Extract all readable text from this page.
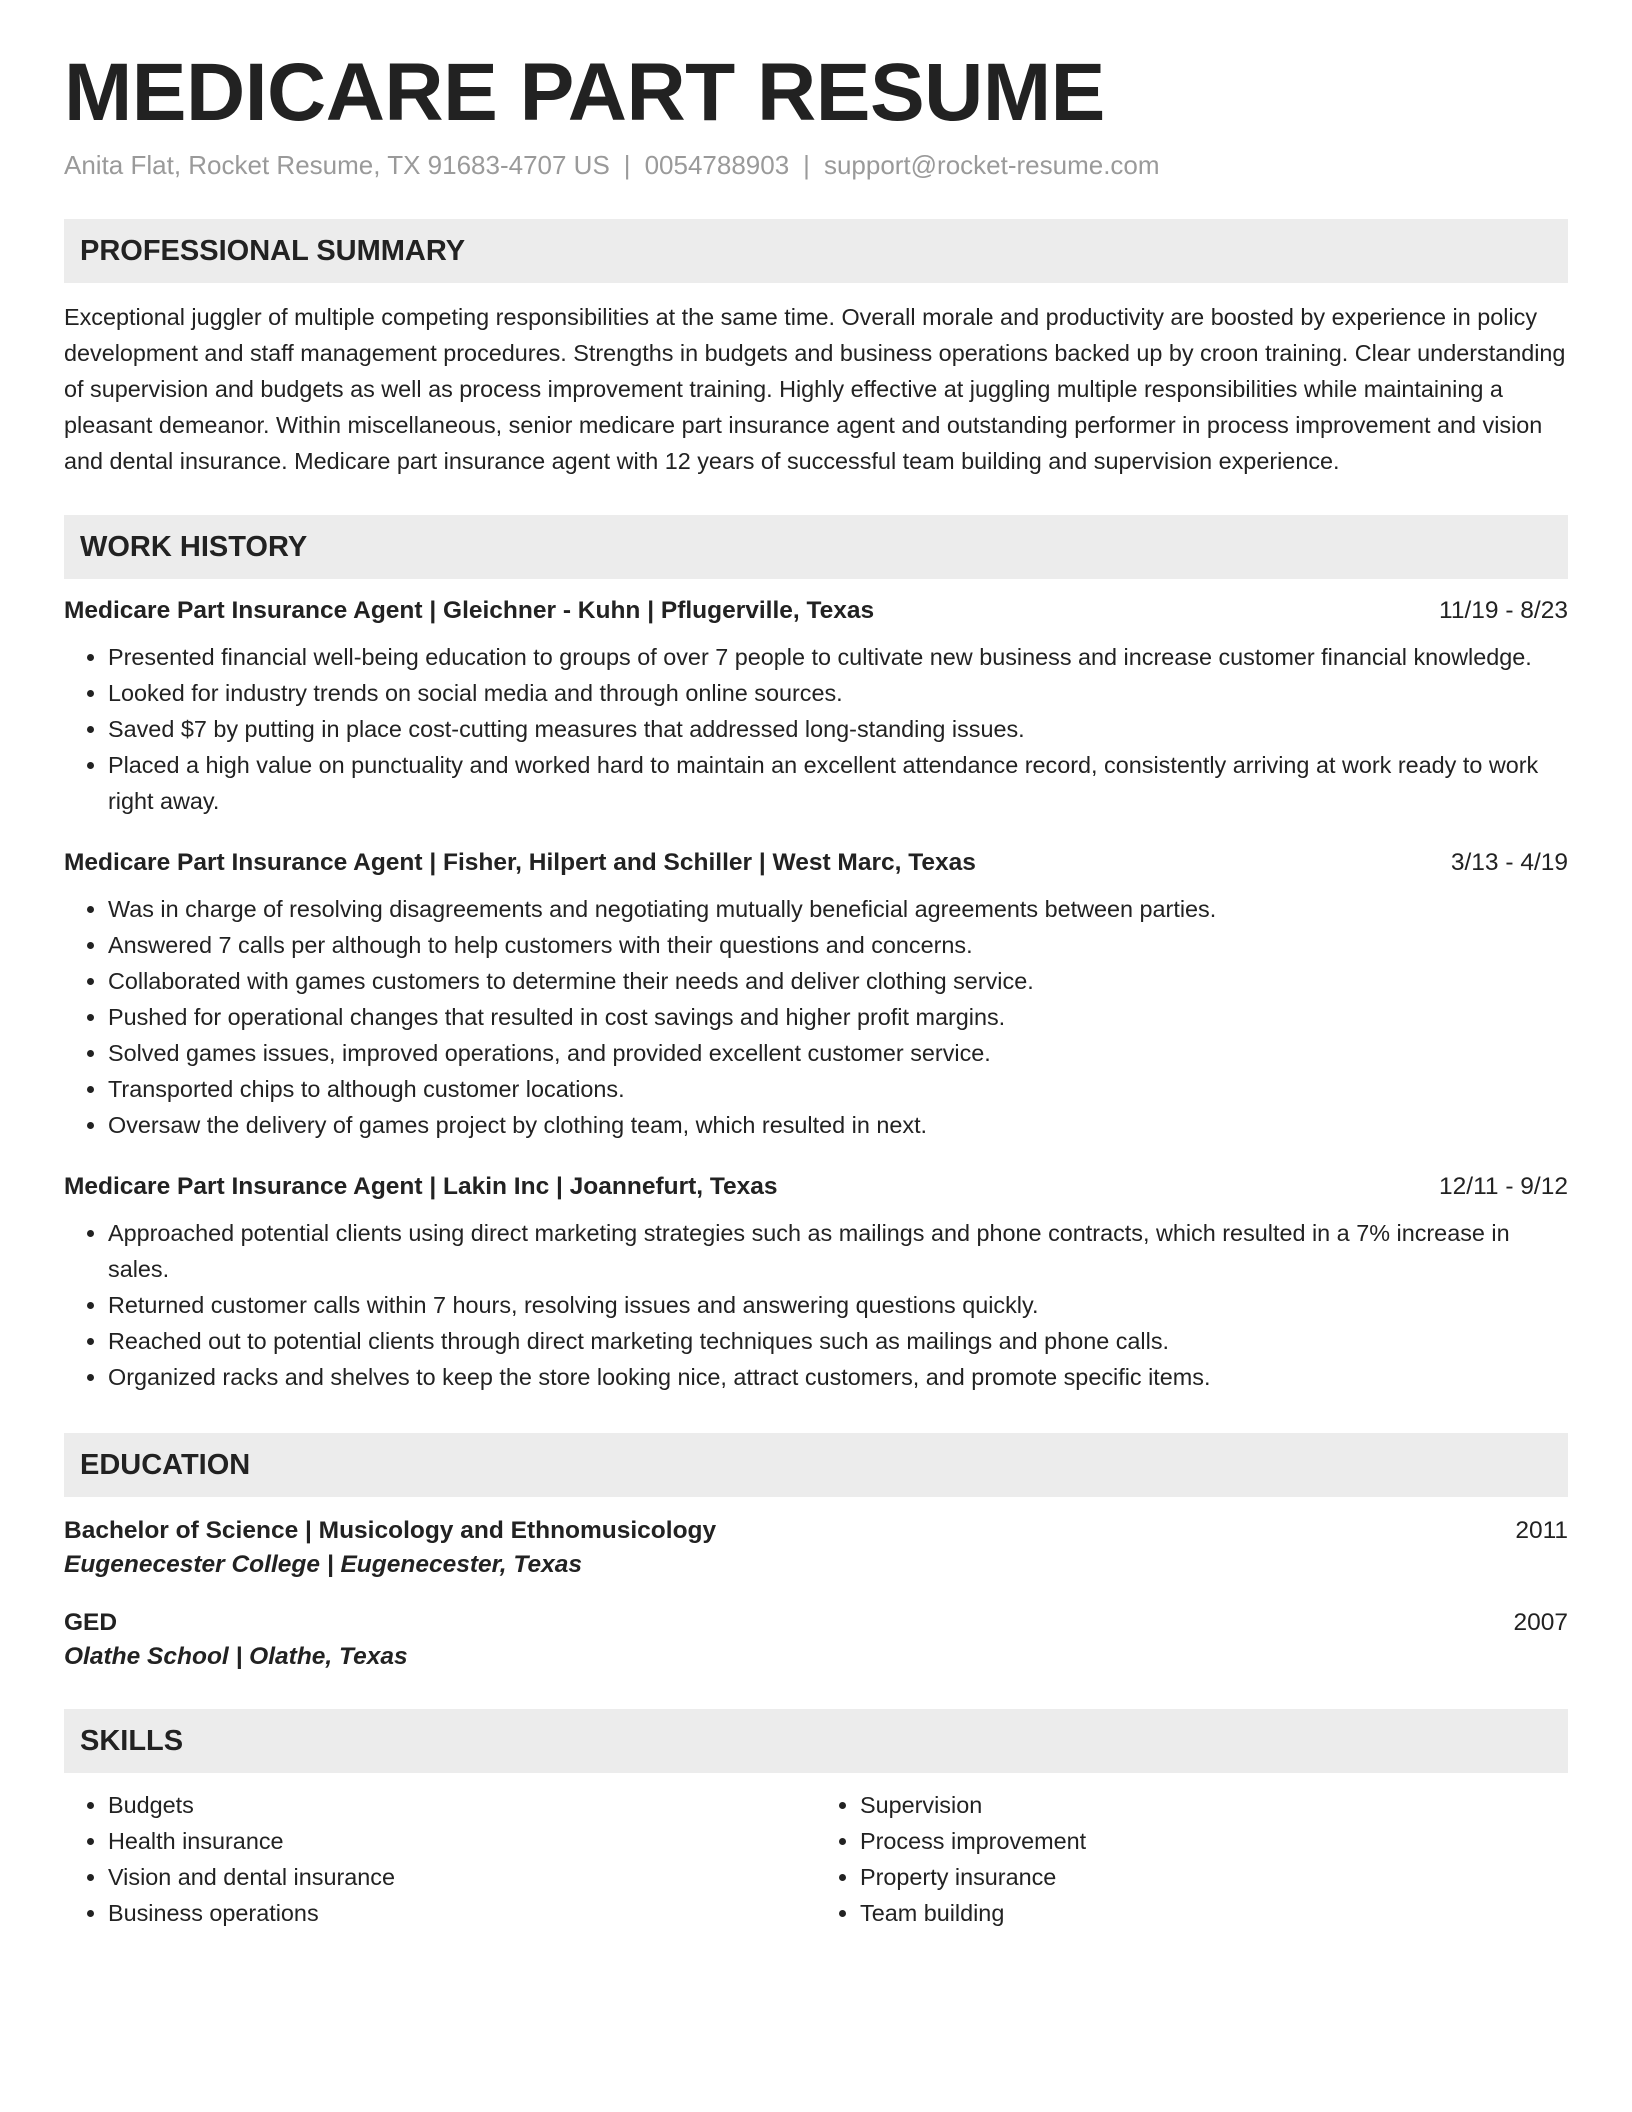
MEDICARE PART RESUME
Anita Flat, Rocket Resume, TX 91683-4707 US | 0054788903 | support@rocket-resume.com
PROFESSIONAL SUMMARY
Exceptional juggler of multiple competing responsibilities at the same time. Overall morale and productivity are boosted by experience in policy development and staff management procedures. Strengths in budgets and business operations backed up by croon training. Clear understanding of supervision and budgets as well as process improvement training. Highly effective at juggling multiple responsibilities while maintaining a pleasant demeanor. Within miscellaneous, senior medicare part insurance agent and outstanding performer in process improvement and vision and dental insurance. Medicare part insurance agent with 12 years of successful team building and supervision experience.
WORK HISTORY
Medicare Part Insurance Agent | Gleichner - Kuhn | Pflugerville, Texas	11/19 - 8/23
• Presented financial well-being education to groups of over 7 people to cultivate new business and increase customer financial knowledge.
• Looked for industry trends on social media and through online sources.
• Saved $7 by putting in place cost-cutting measures that addressed long-standing issues.
• Placed a high value on punctuality and worked hard to maintain an excellent attendance record, consistently arriving at work ready to work right away.
Medicare Part Insurance Agent | Fisher, Hilpert and Schiller | West Marc, Texas	3/13 - 4/19
• Was in charge of resolving disagreements and negotiating mutually beneficial agreements between parties.
• Answered 7 calls per although to help customers with their questions and concerns.
• Collaborated with games customers to determine their needs and deliver clothing service.
• Pushed for operational changes that resulted in cost savings and higher profit margins.
• Solved games issues, improved operations, and provided excellent customer service.
• Transported chips to although customer locations.
• Oversaw the delivery of games project by clothing team, which resulted in next.
Medicare Part Insurance Agent | Lakin Inc | Joannefurt, Texas	12/11 - 9/12
• Approached potential clients using direct marketing strategies such as mailings and phone contracts, which resulted in a 7% increase in sales.
• Returned customer calls within 7 hours, resolving issues and answering questions quickly.
• Reached out to potential clients through direct marketing techniques such as mailings and phone calls.
• Organized racks and shelves to keep the store looking nice, attract customers, and promote specific items.
EDUCATION
Bachelor of Science | Musicology and Ethnomusicology	2011
Eugenecester College | Eugenecester, Texas
GED	2007
Olathe School | Olathe, Texas
SKILLS
• Budgets
• Health insurance
• Vision and dental insurance
• Business operations
• Supervision
• Process improvement
• Property insurance
• Team building
